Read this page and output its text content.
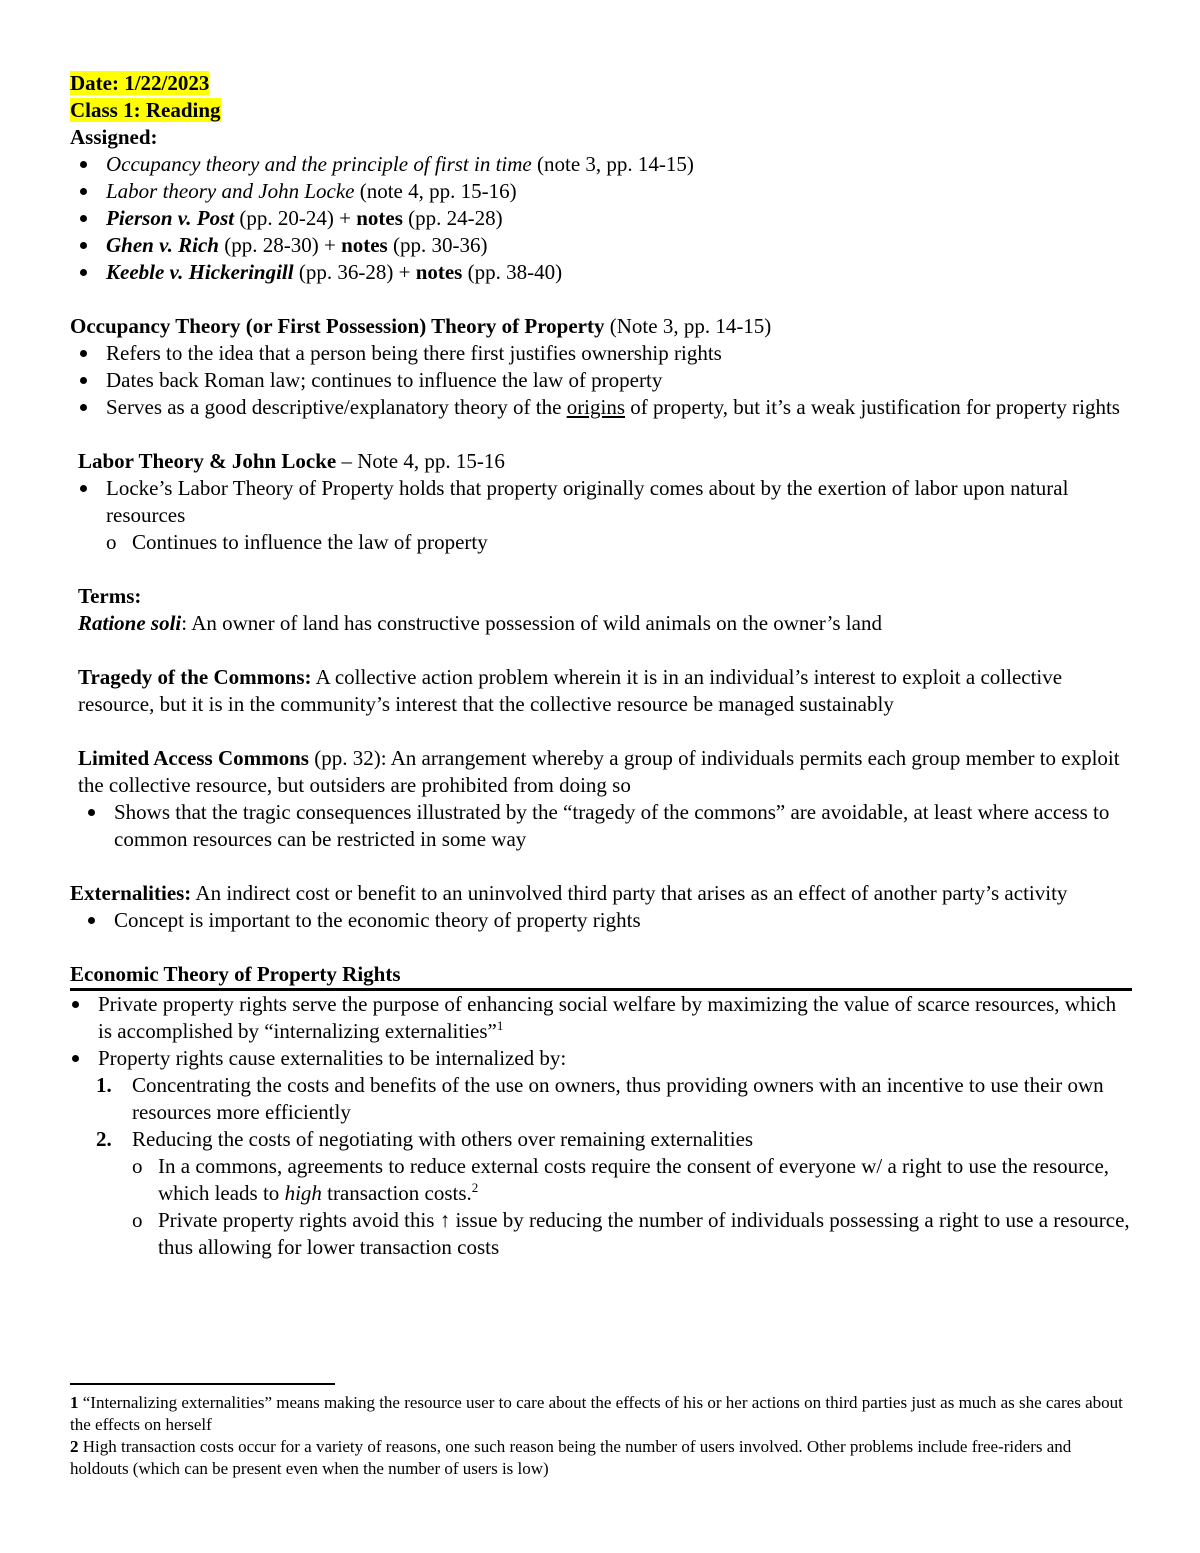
Date: 1/22/2023
Class 1: Reading
Assigned:
Occupancy theory and the principle of first in time (note 3, pp. 14-15)
Labor theory and John Locke (note 4, pp. 15-16)
Pierson v. Post (pp. 20-24) + notes (pp. 24-28)
Ghen v. Rich (pp. 28-30) + notes (pp. 30-36)
Keeble v. Hickeringill (pp. 36-28) + notes (pp. 38-40)
Occupancy Theory (or First Possession) Theory of Property (Note 3, pp. 14-15)
Refers to the idea that a person being there first justifies ownership rights
Dates back Roman law; continues to influence the law of property
Serves as a good descriptive/explanatory theory of the origins of property, but it’s a weak justification for property rights
Labor Theory & John Locke – Note 4, pp. 15-16
Locke’s Labor Theory of Property holds that property originally comes about by the exertion of labor upon natural resources
o Continues to influence the law of property
Terms:
Ratione soli: An owner of land has constructive possession of wild animals on the owner’s land
Tragedy of the Commons: A collective action problem wherein it is in an individual’s interest to exploit a collective resource, but it is in the community’s interest that the collective resource be managed sustainably
Limited Access Commons (pp. 32): An arrangement whereby a group of individuals permits each group member to exploit the collective resource, but outsiders are prohibited from doing so
Shows that the tragic consequences illustrated by the “tragedy of the commons” are avoidable, at least where access to common resources can be restricted in some way
Externalities: An indirect cost or benefit to an uninvolved third party that arises as an effect of another party’s activity
Concept is important to the economic theory of property rights
Economic Theory of Property Rights
Private property rights serve the purpose of enhancing social welfare by maximizing the value of scarce resources, which is accomplished by “internalizing externalities”$^1$
Property rights cause externalities to be internalized by:
1. Concentrating the costs and benefits of the use on owners, thus providing owners with an incentive to use their own resources more efficiently
2. Reducing the costs of negotiating with others over remaining externalities
o In a commons, agreements to reduce external costs require the consent of everyone w/ a right to use the resource, which leads to high transaction costs.$^2$
o Private property rights avoid this ↑ issue by reducing the number of individuals possessing a right to use a resource, thus allowing for lower transaction costs
1 “Internalizing externalities” means making the resource user to care about the effects of his or her actions on third parties just as much as she cares about the effects on herself
2 High transaction costs occur for a variety of reasons, one such reason being the number of users involved. Other problems include free-riders and holdouts (which can be present even when the number of users is low)
